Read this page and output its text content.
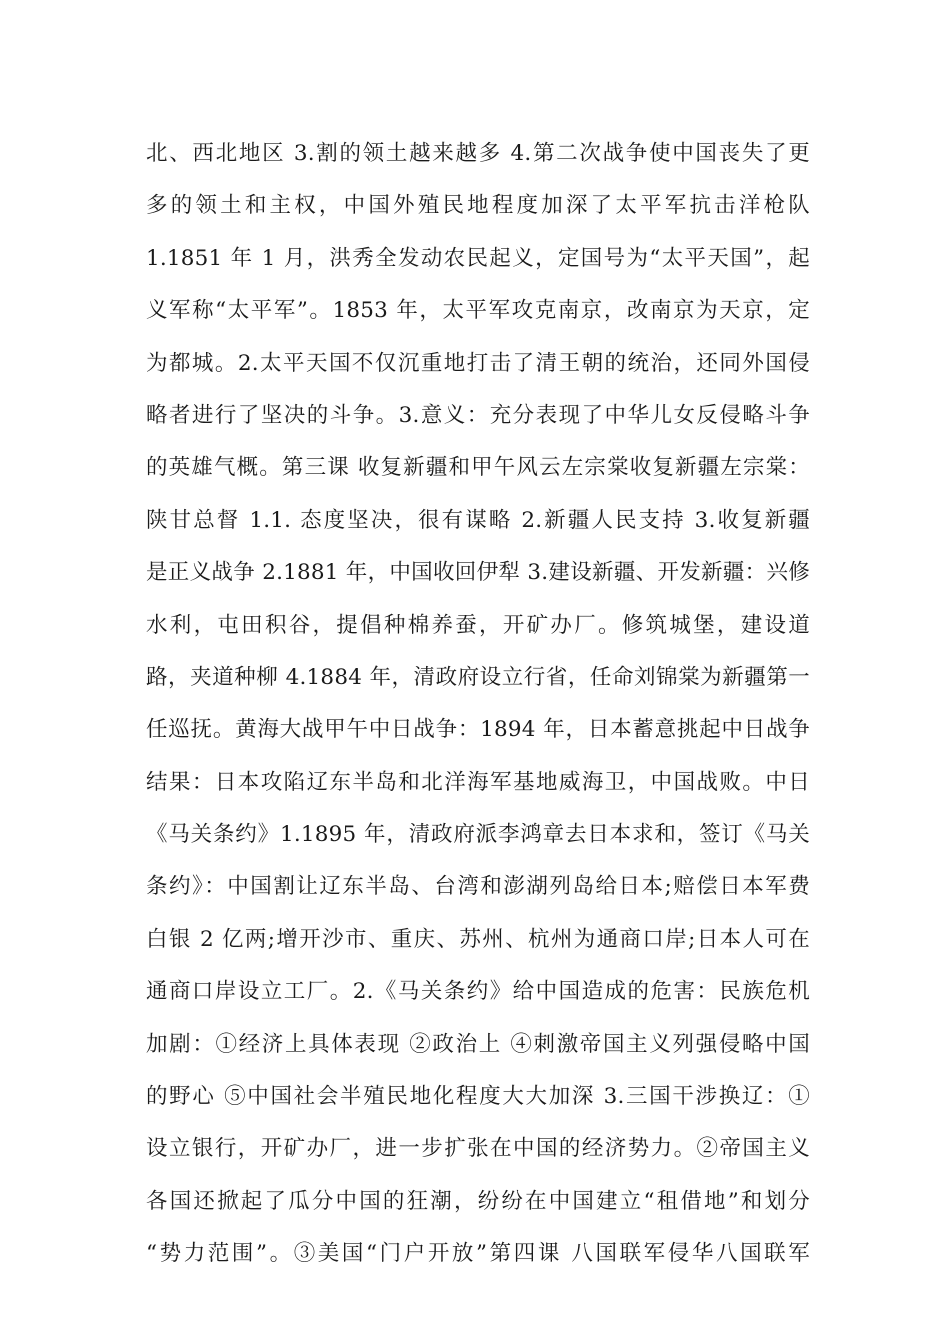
北、西北地区 3.割的领土越来越多 4.第二次战争使中国丧失了更
多的领土和主权，中国外殖民地程度加深了太平军抗击洋枪队
1.1851 年 1 月，洪秀全发动农民起义，定国号为“太平天国”，起
义军称“太平军”。1853 年，太平军攻克南京，改南京为天京，定
为都城。2.太平天国不仅沉重地打击了清王朝的统治，还同外国侵
略者进行了坚决的斗争。3.意义：充分表现了中华儿女反侵略斗争
的英雄气概。第三课 收复新疆和甲午风云左宗棠收复新疆左宗棠：
陕甘总督 1.1. 态度坚决，很有谋略 2.新疆人民支持 3.收复新疆
是正义战争 2.1881 年，中国收回伊犁 3.建设新疆、开发新疆：兴修
水利，屯田积谷，提倡种棉养蚕，开矿办厂。修筑城堡，建设道
路，夹道种柳 4.1884 年，清政府设立行省，任命刘锦棠为新疆第一
任巡抚。黄海大战甲午中日战争：1894 年，日本蓄意挑起中日战争
结果：日本攻陷辽东半岛和北洋海军基地威海卫，中国战败。中日
《马关条约》1.1895 年，清政府派李鸿章去日本求和，签订《马关
条约》：中国割让辽东半岛、台湾和澎湖列岛给日本;赔偿日本军费
白银 2 亿两;增开沙市、重庆、苏州、杭州为通商口岸;日本人可在
通商口岸设立工厂。2.《马关条约》给中国造成的危害：民族危机
加剧：①经济上具体表现 ②政治上 ④刺激帝国主义列强侵略中国
的野心 ⑤中国社会半殖民地化程度大大加深 3.三国干涉换辽：①
设立银行，开矿办厂，进一步扩张在中国的经济势力。②帝国主义
各国还掀起了瓜分中国的狂潮，纷纷在中国建立“租借地”和划分
“势力范围”。③美国“门户开放”第四课 八国联军侵华八国联军
